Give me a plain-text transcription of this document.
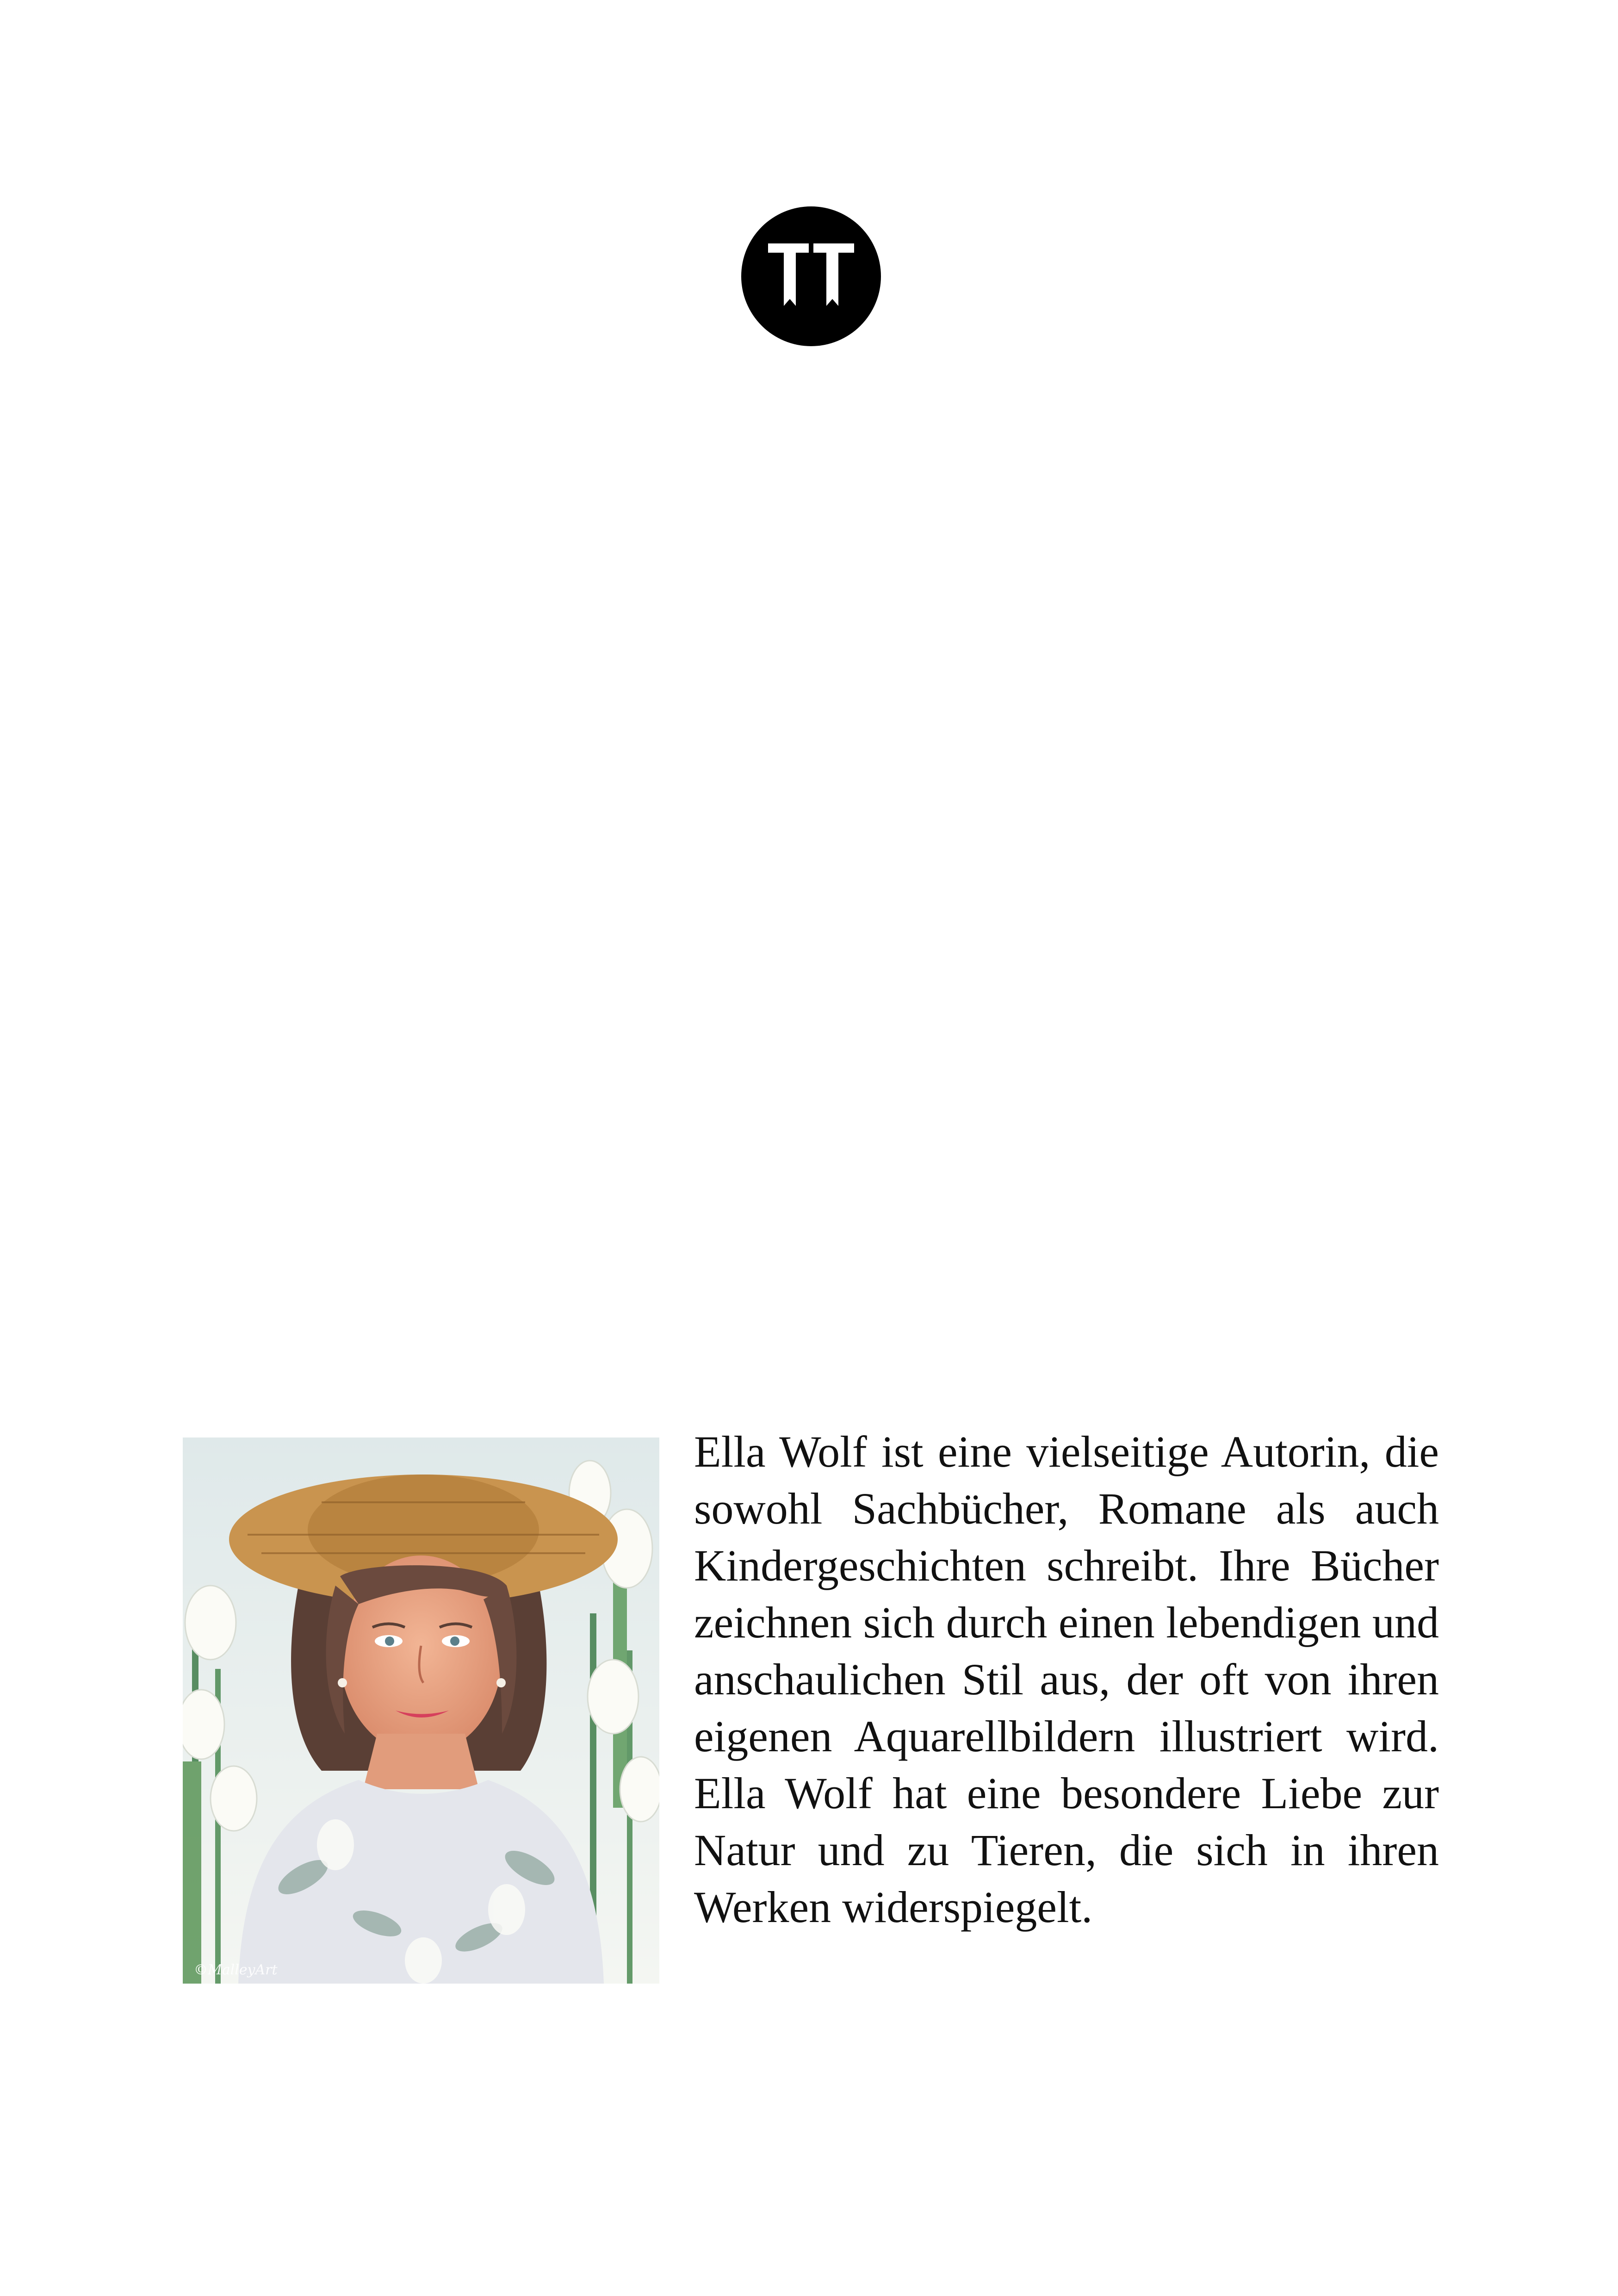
©MalleyArt

Ella Wolf ist eine vielseitige Autorin, die sowohl Sachbücher, Romane als auch Kindergeschichten schreibt. Ihre Bücher zeichnen sich durch einen lebendigen und anschaulichen Stil aus, der oft von ihren eigenen Aquarellbildern illustriert wird. Ella Wolf hat eine besondere Liebe zur Natur und zu Tieren, die sich in ihren Werken widerspiegelt.
